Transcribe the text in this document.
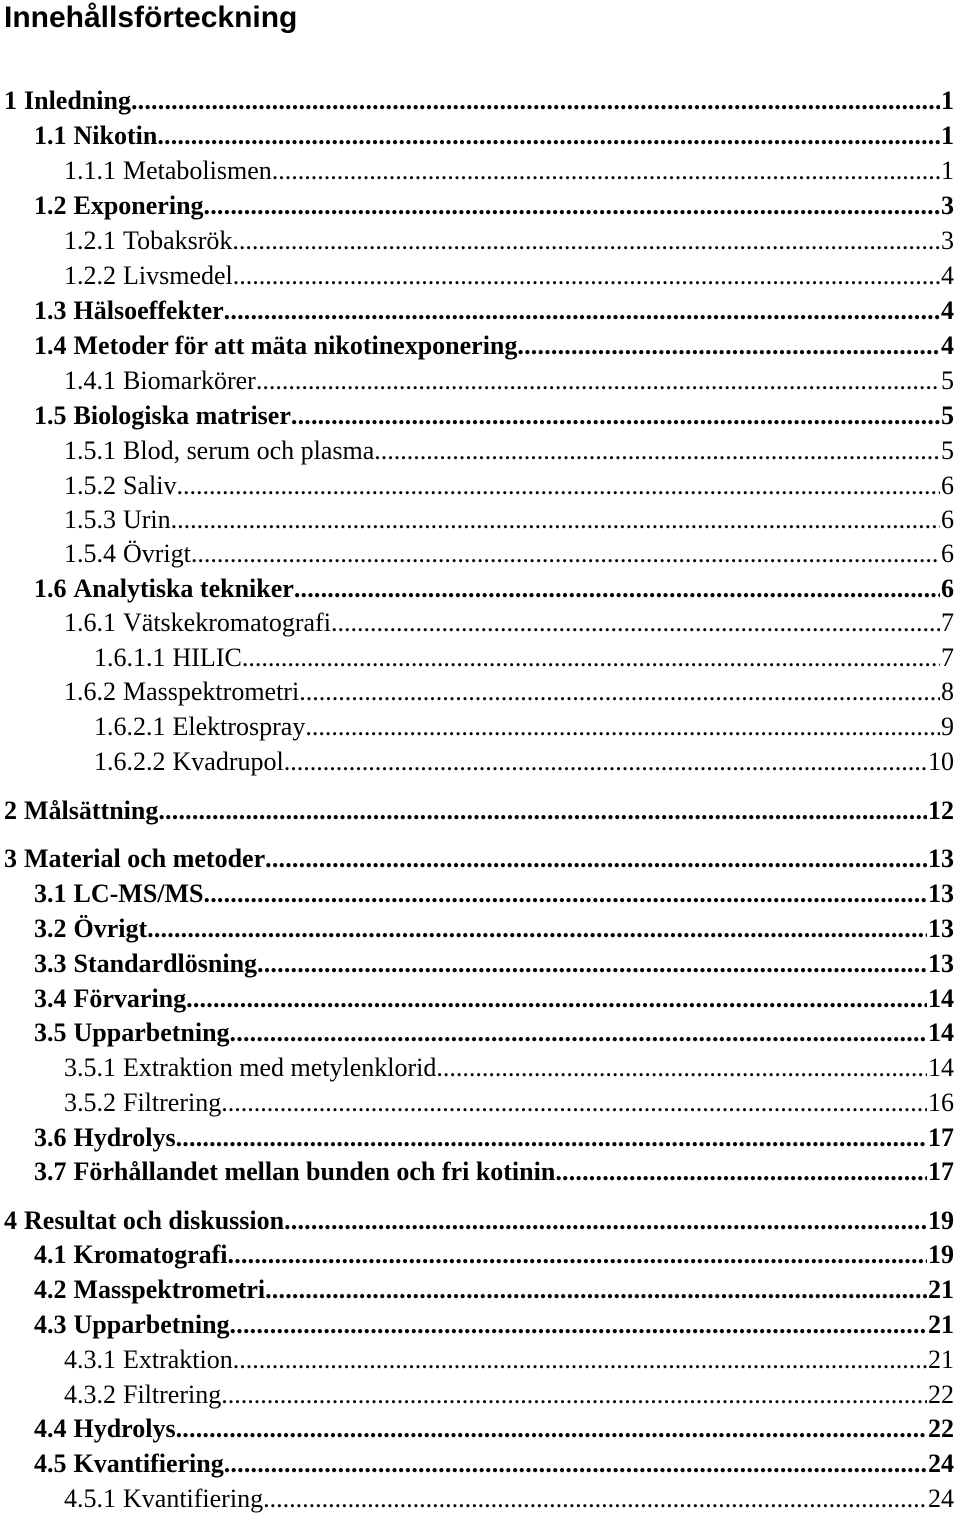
Innehållsförteckning
1 Inledning .....	1
1.1 Nikotin .....	1
1.1.1 Metabolismen .....	1
1.2 Exponering .....	3
1.2.1 Tobaksrök .....	3
1.2.2 Livsmedel .....	4
1.3 Hälsoeffekter .....	4
1.4 Metoder för att mäta nikotinexponering .....	4
1.4.1 Biomarkörer .....	5
1.5 Biologiska matriser .....	5
1.5.1 Blod, serum och plasma .....	5
1.5.2 Saliv .....	6
1.5.3 Urin .....	6
1.5.4 Övrigt .....	6
1.6 Analytiska tekniker .....	6
1.6.1 Vätskekromatografi .....	7
1.6.1.1 HILIC .....	7
1.6.2 Masspektrometri .....	8
1.6.2.1 Elektrospray .....	9
1.6.2.2 Kvadrupol .....	10
2 Målsättning .....	12
3 Material och metoder .....	13
3.1 LC-MS/MS .....	13
3.2 Övrigt .....	13
3.3 Standardlösning .....	13
3.4 Förvaring .....	14
3.5 Upparbetning .....	14
3.5.1 Extraktion med metylenklorid .....	14
3.5.2 Filtrering .....	16
3.6 Hydrolys .....	17
3.7 Förhållandet mellan bunden och fri kotinin .....	17
4 Resultat och diskussion .....	19
4.1 Kromatografi .....	19
4.2 Masspektrometri .....	21
4.3 Upparbetning .....	21
4.3.1 Extraktion .....	21
4.3.2 Filtrering .....	22
4.4 Hydrolys .....	22
4.5 Kvantifiering .....	24
4.5.1 Kvantifiering .....	24
